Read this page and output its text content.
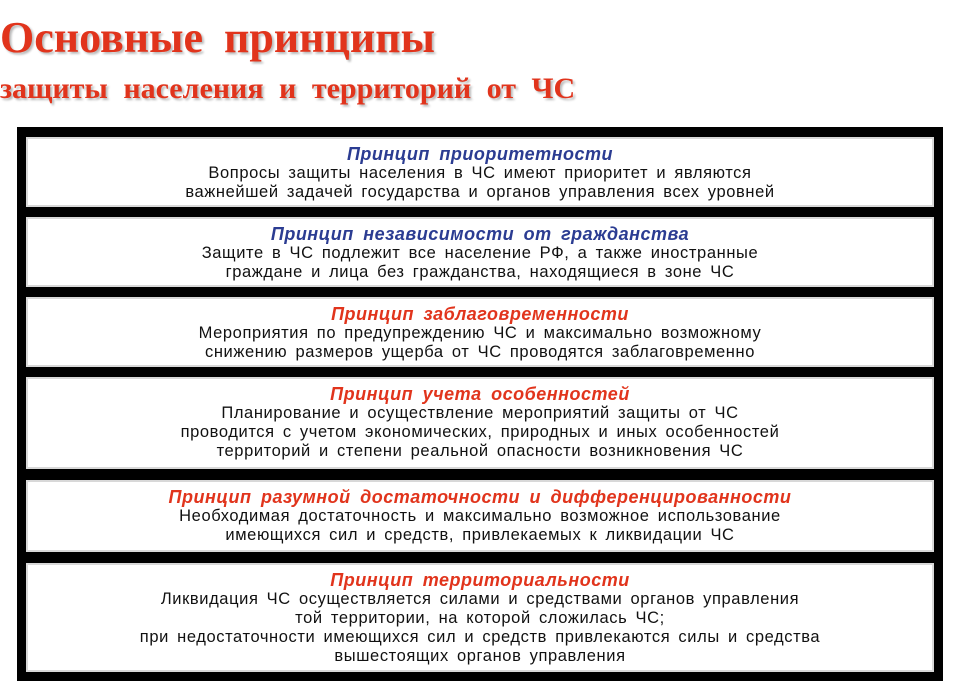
Основные принципы
защиты населения и территорий от ЧС
Принцип приоритетности
Вопросы защиты населения в ЧС имеют приоритет и являются
важнейшей задачей государства и органов управления всех уровней
Принцип независимости от гражданства
Защите в ЧС подлежит все население РФ, а также иностранные
граждане и лица без гражданства, находящиеся в зоне ЧС
Принцип заблаговременности
Мероприятия по предупреждению ЧС и максимально возможному
снижению размеров ущерба от ЧС проводятся заблаговременно
Принцип учета особенностей
Планирование и осуществление мероприятий защиты от ЧС
проводится с учетом экономических, природных и иных особенностей
территорий и степени реальной опасности возникновения ЧС
Принцип разумной достаточности и дифференцированности
Необходимая достаточность и максимально возможное использование
имеющихся сил и средств, привлекаемых к ликвидации ЧС
Принцип территориальности
Ликвидация ЧС осуществляется силами и средствами органов управления
той территории, на которой сложилась ЧС;
при недостаточности имеющихся сил и средств привлекаются силы и средства
вышестоящих органов управления
